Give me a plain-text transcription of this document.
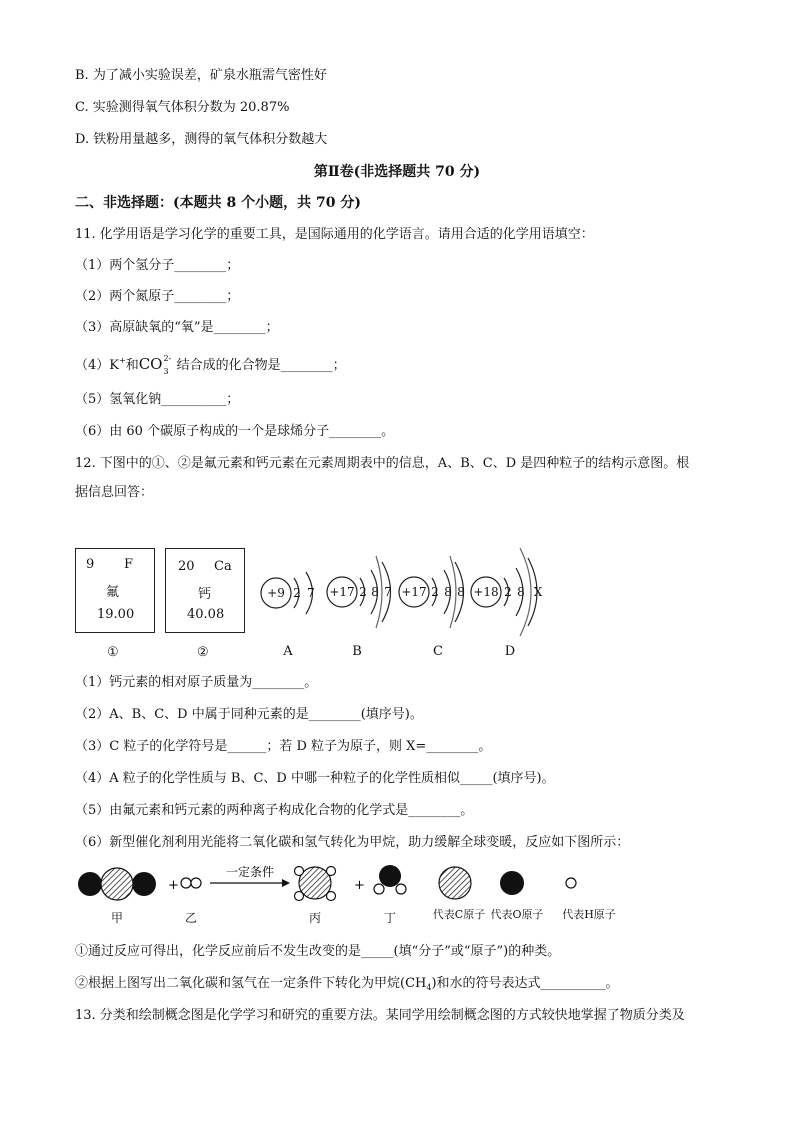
B. 为了减小实验误差，矿泉水瓶需气密性好
C. 实验测得氧气体积分数为 20.87%
D. 铁粉用量越多，测得的氧气体积分数越大
第Ⅱ卷(非选择题共 70 分)
二、非选择题：(本题共 8 个小题，共 70 分)
11. 化学用语是学习化学的重要工具，是国际通用的化学语言。请用合适的化学用语填空：
（1）两个氢分子________；
（2）两个氮原子________；
（3）高原缺氧的“氧”是________；
（4）K+和CO 2-
3 结合成的化合物是________；
（5）氢氧化钠__________；
（6）由 60 个碳原子构成的一个是球烯分子________。
12. 下图中的①、②是氟元素和钙元素在元素周期表中的信息，A、B、C、D 是四种粒子的结构示意图。根
据信息回答：
9 F
氟
19.00
20 Ca
钙
40.08
①	②
+9 2 7 +17 2 8 7 +17 2 8 8 +18 2 8 X
A	B	C	D
（1）钙元素的相对原子质量为________。
（2）A、B、C、D 中属于同种元素的是________(填序号)。
（3）C 粒子的化学符号是______；若 D 粒子为原子，则 X=________。
（4）A 粒子的化学性质与 B、C、D 中哪一种粒子的化学性质相似_____(填序号)。
（5）由氟元素和钙元素的两种离子构成化合物的化学式是________。
（6）新型催化剂利用光能将二氧化碳和氢气转化为甲烷，助力缓解全球变暖，反应如下图所示：
+
一定条件
+
甲	乙	丙	丁	代表C原子 代表O原子 代表H原子
①通过反应可得出，化学反应前后不发生改变的是_____(填“分子”或“原子”)的种类。
②根据上图写出二氧化碳和氢气在一定条件下转化为甲烷$(CH_4)$和水的符号表达式__________。
13. 分类和绘制概念图是化学学习和研究的重要方法。某同学用绘制概念图的方式较快地掌握了物质分类及
